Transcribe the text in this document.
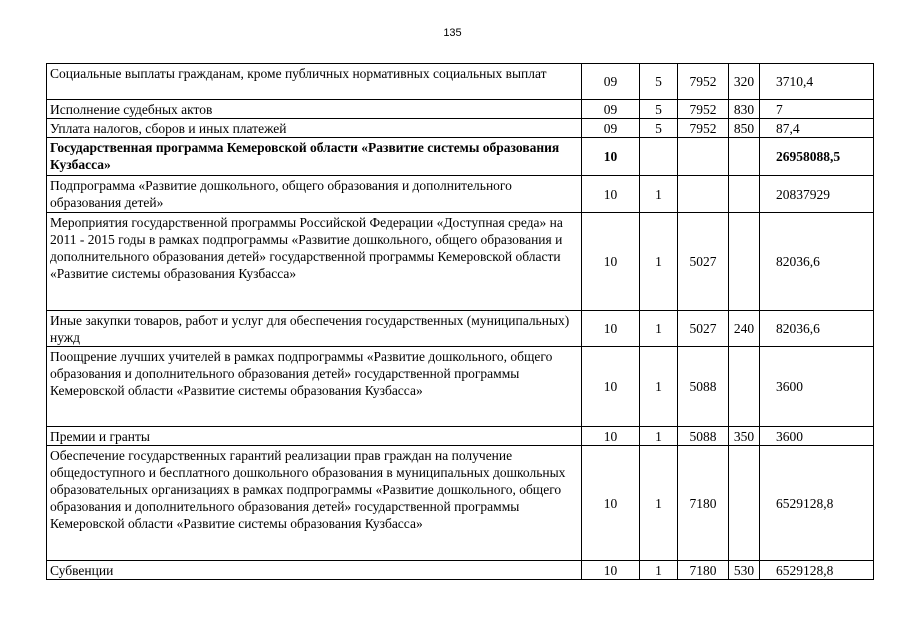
135
Социальные выплаты гражданам, кроме публичных нормативных социальных выплат	09	5	7952	320	3710,4
Исполнение судебных актов	09	5	7952	830	7
Уплата налогов, сборов и иных платежей	09	5	7952	850	87,4
Государственная программа Кемеровской области «Развитие системы образования Кузбасса»	10				26958088,5
Подпрограмма «Развитие дошкольного, общего образования и дополнительного образования детей»	10	1			20837929
Мероприятия государственной программы Российской Федерации «Доступная среда» на 2011 - 2015 годы в рамках подпрограммы «Развитие дошкольного, общего образования и дополнительного образования детей» государственной программы Кемеровской области «Развитие системы образования Кузбасса»	10	1	5027		82036,6
Иные закупки товаров, работ и услуг для обеспечения государственных (муниципальных) нужд	10	1	5027	240	82036,6
Поощрение лучших учителей в рамках подпрограммы «Развитие дошкольного, общего образования и дополнительного образования детей» государственной программы Кемеровской области «Развитие системы образования Кузбасса»	10	1	5088		3600
Премии и гранты	10	1	5088	350	3600
Обеспечение государственных гарантий реализации прав граждан на получение общедоступного и бесплатного дошкольного образования в муниципальных дошкольных образовательных организациях в рамках подпрограммы «Развитие дошкольного, общего образования и дополнительного образования детей» государственной программы Кемеровской области «Развитие системы образования Кузбасса»	10	1	7180		6529128,8
Субвенции	10	1	7180	530	6529128,8
